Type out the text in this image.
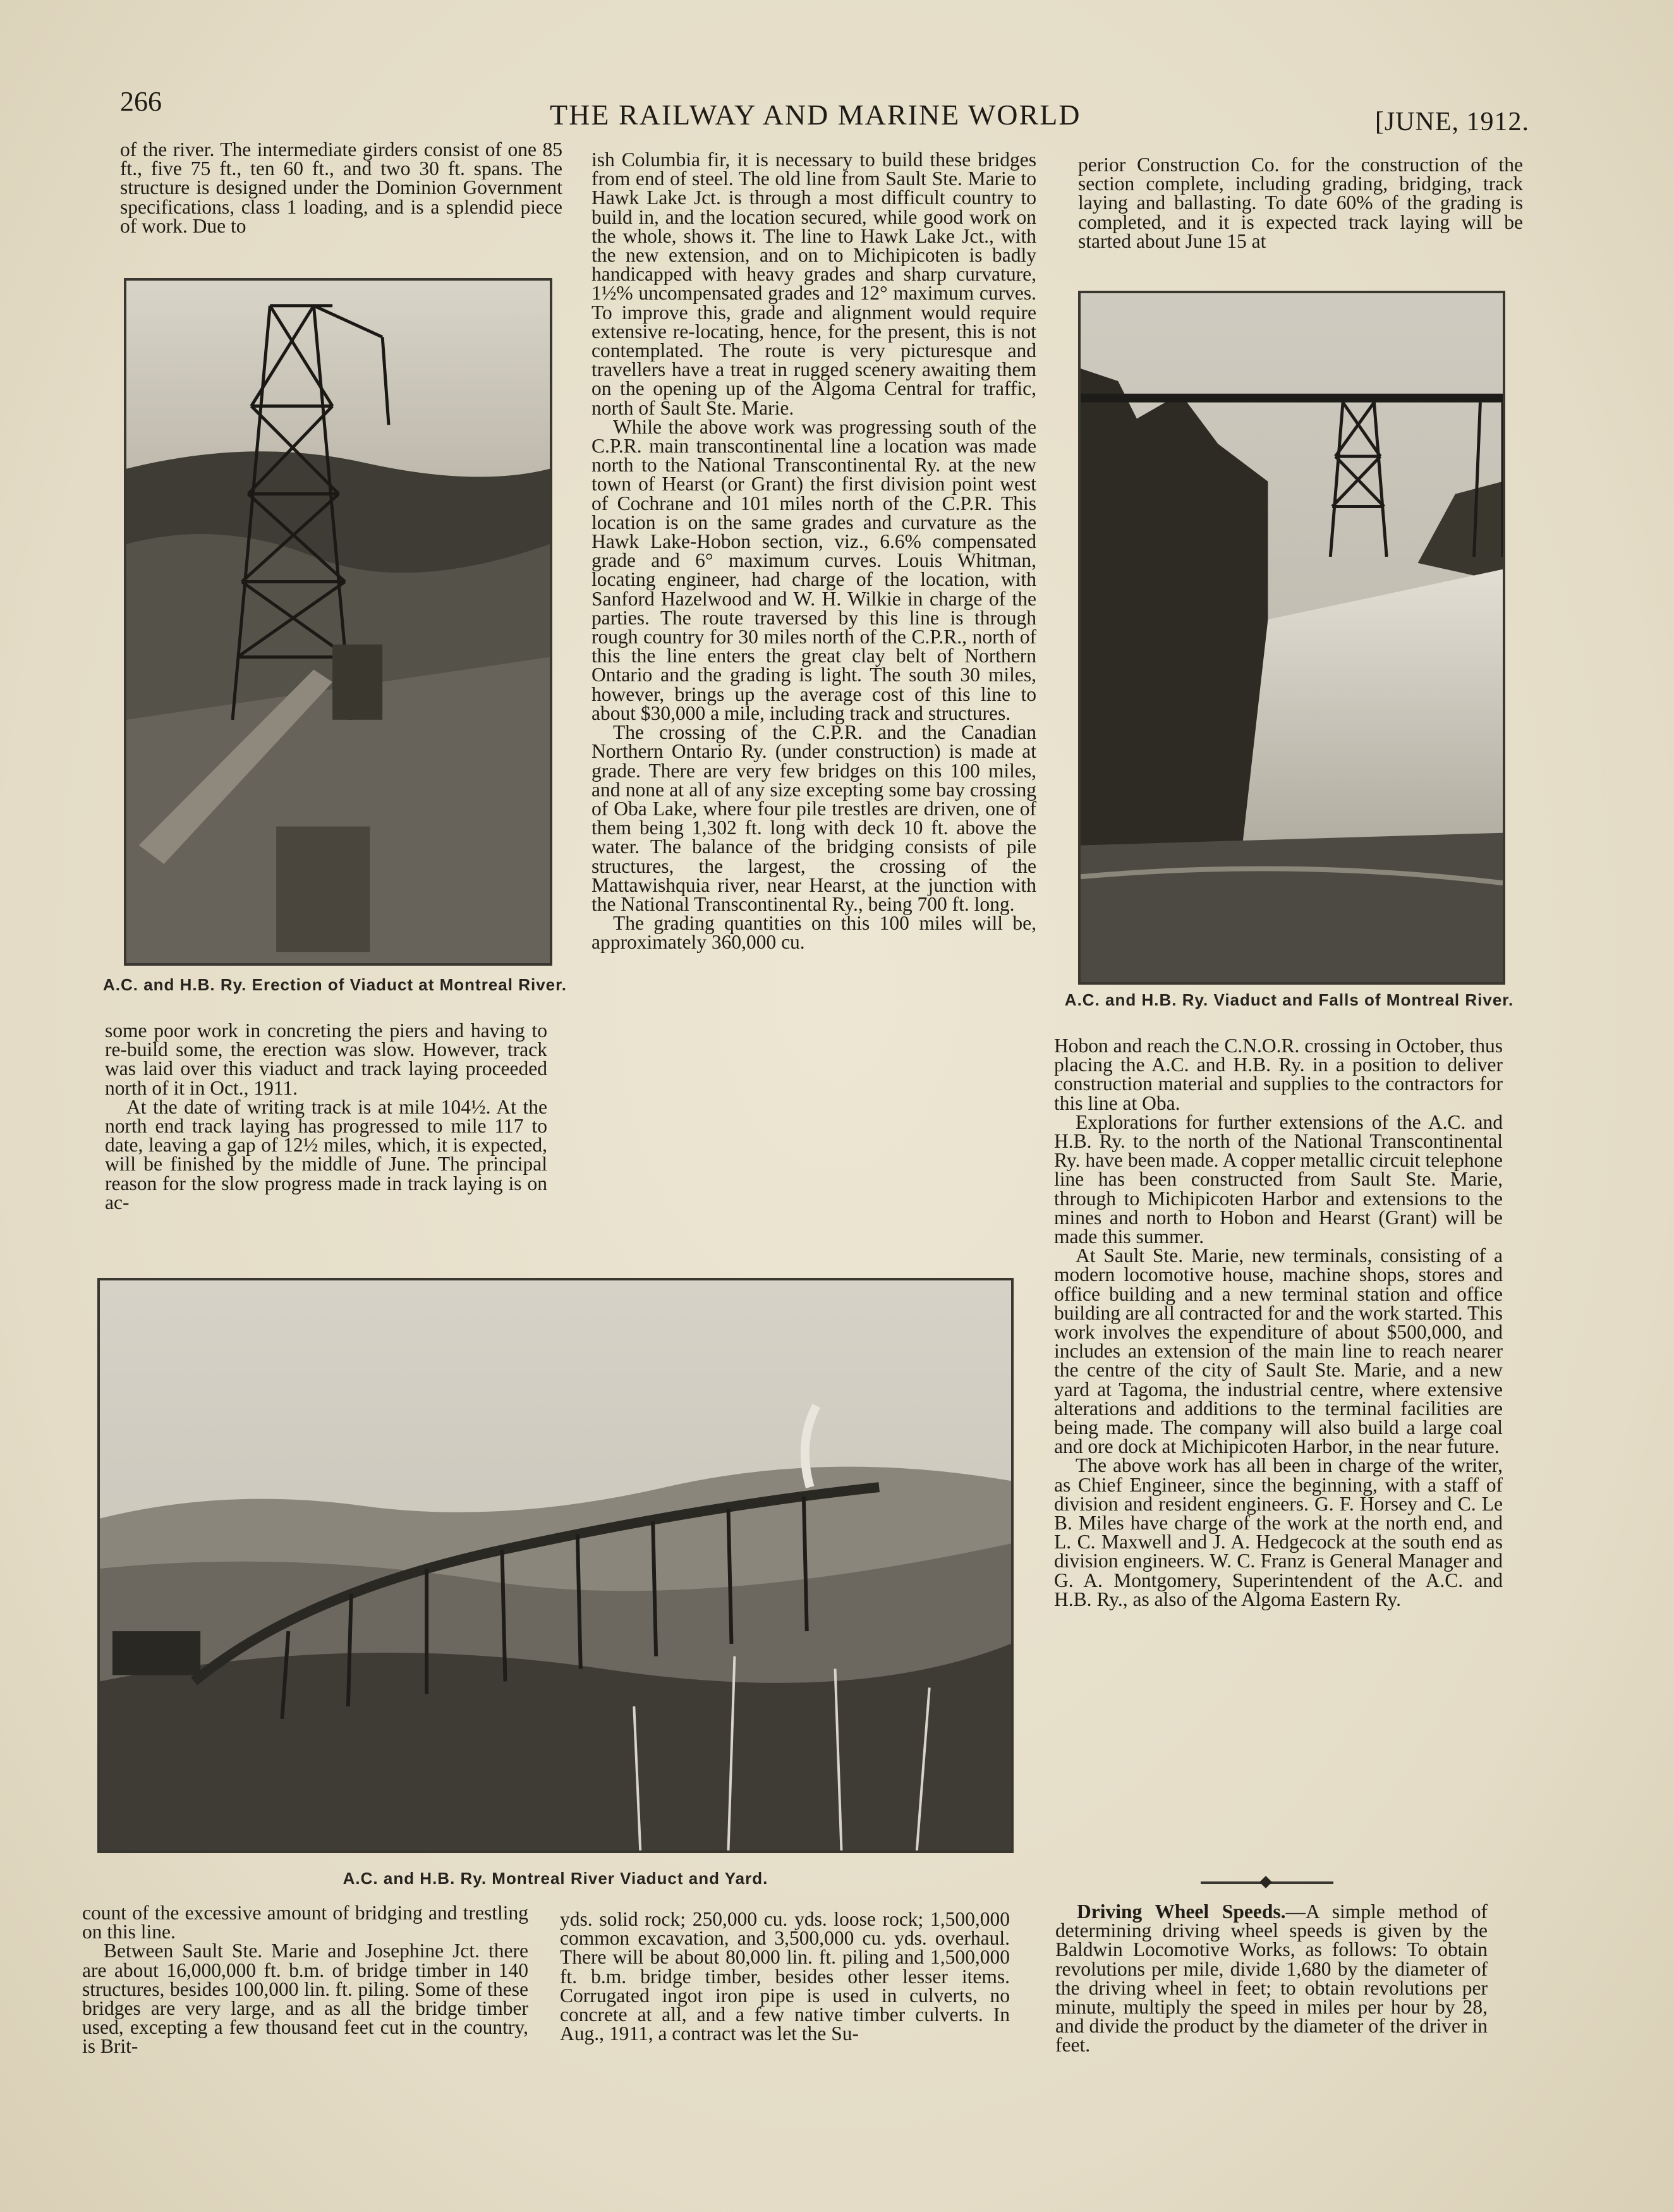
266	THE RAILWAY AND MARINE WORLD	[JUNE, 1912.

of the river. The intermediate girders consist of one 85 ft., five 75 ft., ten 60 ft., and two 30 ft. spans. The structure is designed under the Dominion Government specifications, class 1 loading, and is a splendid piece of work. Due to

A.C. and H.B. Ry. Erection of Viaduct at Montreal River.

some poor work in concreting the piers and having to re-build some, the erection was slow. However, track was laid over this viaduct and track laying proceeded north of it in Oct., 1911.

At the date of writing track is at mile 104½. At the north end track laying has progressed to mile 117 to date, leaving a gap of 12½ miles, which, it is expected, will be finished by the middle of June. The principal reason for the slow progress made in track laying is on ac-

ish Columbia fir, it is necessary to build these bridges from end of steel. The old line from Sault Ste. Marie to Hawk Lake Jct. is through a most difficult country to build in, and the location secured, while good work on the whole, shows it. The line to Hawk Lake Jct., with the new extension, and on to Michipicoten is badly handicapped with heavy grades and sharp curvature, 1½% uncompensated grades and 12° maximum curves. To improve this, grade and alignment would require extensive re-locating, hence, for the present, this is not contemplated. The route is very picturesque and travellers have a treat in rugged scenery awaiting them on the opening up of the Algoma Central for traffic, north of Sault Ste. Marie.

While the above work was progressing south of the C.P.R. main transcontinental line a location was made north to the National Transcontinental Ry. at the new town of Hearst (or Grant) the first division point west of Cochrane and 101 miles north of the C.P.R. This location is on the same grades and curvature as the Hawk Lake-Hobon section, viz., 6.6% compensated grade and 6° maximum curves. Louis Whitman, locating engineer, had charge of the location, with Sanford Hazelwood and W. H. Wilkie in charge of the parties. The route traversed by this line is through rough country for 30 miles north of the C.P.R., north of this the line enters the great clay belt of Northern Ontario and the grading is light. The south 30 miles, however, brings up the average cost of this line to about $30,000 a mile, including track and structures.

The crossing of the C.P.R. and the Canadian Northern Ontario Ry. (under construction) is made at grade. There are very few bridges on this 100 miles, and none at all of any size excepting some bay crossing of Oba Lake, where four pile trestles are driven, one of them being 1,302 ft. long with deck 10 ft. above the water. The balance of the bridging consists of pile structures, the largest, the crossing of the Mattawishquia river, near Hearst, at the junction with the National Transcontinental Ry., being 700 ft. long.

The grading quantities on this 100 miles will be, approximately 360,000 cu.

perior Construction Co. for the construction of the section complete, including grading, bridging, track laying and ballasting. To date 60% of the grading is completed, and it is expected track laying will be started about June 15 at

A.C. and H.B. Ry. Viaduct and Falls of Montreal River.

Hobon and reach the C.N.O.R. crossing in October, thus placing the A.C. and H.B. Ry. in a position to deliver construction material and supplies to the contractors for this line at Oba.

Explorations for further extensions of the A.C. and H.B. Ry. to the north of the National Transcontinental Ry. have been made. A copper metallic circuit telephone line has been constructed from Sault Ste. Marie, through to Michipicoten Harbor and extensions to the mines and north to Hobon and Hearst (Grant) will be made this summer.

At Sault Ste. Marie, new terminals, consisting of a modern locomotive house, machine shops, stores and office building and a new terminal station and office building are all contracted for and the work started. This work involves the expenditure of about $500,000, and includes an extension of the main line to reach nearer the centre of the city of Sault Ste. Marie, and a new yard at Tagoma, the industrial centre, where extensive alterations and additions to the terminal facilities are being made. The company will also build a large coal and ore dock at Michipicoten Harbor, in the near future.

The above work has all been in charge of the writer, as Chief Engineer, since the beginning, with a staff of division and resident engineers. G. F. Horsey and C. Le B. Miles have charge of the work at the north end, and L. C. Maxwell and J. A. Hedgecock at the south end as division engineers. W. C. Franz is General Manager and G. A. Montgomery, Superintendent of the A.C. and H.B. Ry., as also of the Algoma Eastern Ry.

A.C. and H.B. Ry. Montreal River Viaduct and Yard.

count of the excessive amount of bridging and trestling on this line.

Between Sault Ste. Marie and Josephine Jct. there are about 16,000,000 ft. b.m. of bridge timber in 140 structures, besides 100,000 lin. ft. piling. Some of these bridges are very large, and as all the bridge timber used, excepting a few thousand feet cut in the country, is Brit-

yds. solid rock; 250,000 cu. yds. loose rock; 1,500,000 common excavation, and 3,500,000 cu. yds. overhaul. There will be about 80,000 lin. ft. piling and 1,500,000 ft. b.m. bridge timber, besides other lesser items. Corrugated ingot iron pipe is used in culverts, no concrete at all, and a few native timber culverts. In Aug., 1911, a contract was let the Su-

Driving Wheel Speeds.—A simple method of determining driving wheel speeds is given by the Baldwin Locomotive Works, as follows: To obtain revolutions per mile, divide 1,680 by the diameter of the driving wheel in feet; to obtain revolutions per minute, multiply the speed in miles per hour by 28, and divide the product by the diameter of the driver in feet.
